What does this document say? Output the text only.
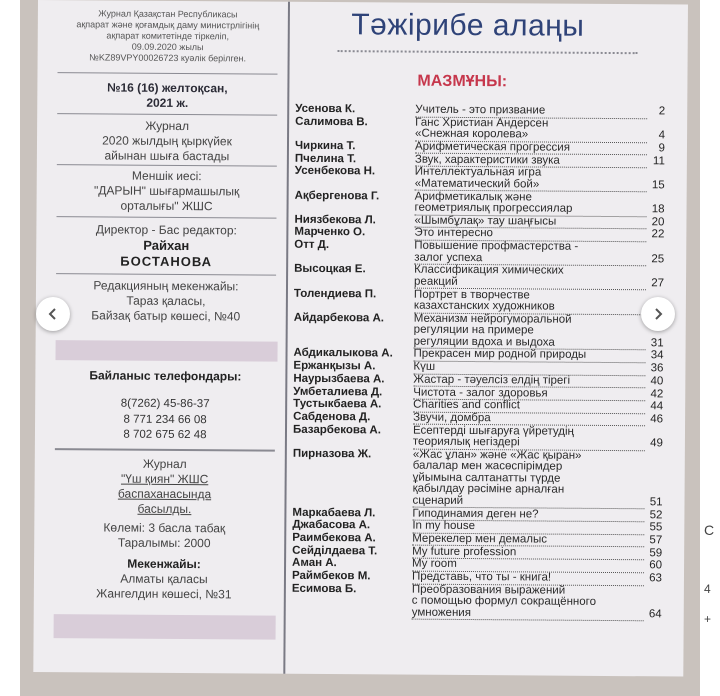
Журнал Қазақстан Республикасы
ақпарат және қоғамдық даму министрлігінің
ақпарат комитетінде тіркеліп,
09.09.2020 жылы
№KZ89VPY00026723 куәлік берілген.
№16 (16) желтоқсан,
2021 ж.
Журнал
2020 жылдың қыркүйек
айынан шыға бастады
Меншік иесі:
"ДАРЫН" шығармашылық
орталығы" ЖШС
Директор - Бас редактор:
Райхан
БОСТАНОВА
Редакцияның мекенжайы:
Тараз қаласы,
Байзақ батыр көшесі, №40
Байланыс телефондары:
8(7262) 45-86-37
8 771 234 66 08
8 702 675 62 48
Журнал
"Үш қиян" ЖШС
баспаханасында
басылды.
Көлемі: 3 басла табақ
Таралымы: 2000
Мекенжайы:
Алматы қаласы
Жангелдин көшесі, №31
Тәжірибе алаңы
МАЗМҰНЫ:
Усенова К.	Учитель - это призвание	2
Салимова В.	Ганс Христиан Андерсен
«Снежная королева»	4
Чиркина Т.	Арифметическая прогрессия	9
Пчелина Т.	Звук, характеристики звука	11
Усенбекова Н.	Интеллектуальная игра
«Математический бой»	15
Ақбергенова Г.	Арифметикалық және
геометриялық прогрессиялар	18
Ниязбекова Л.	«Шымбұлақ» тау шаңғысы	20
Марченко О.	Это интересно	22
Отт Д.	Повышение профмастерства -
залог успеха	25
Высоцкая Е.	Классификация химических
реакций	27
Толендиева П.	Портрет в творчестве
казахстанских художников
Айдарбекова А.	Механизм нейрогуморальной
регуляции на примере
регуляции вдоха и выдоха	31
Абдикалыкова А.	Прекрасен мир родной природы	34
Ержанқызы А.	Күш	36
Наурызбаева А.	Жастар - тәуелсіз елдің тірегі	40
Умбеталиева Д.	Чистота - залог здоровья	42
Тустыкбаева А.	Charities and conflict	44
Сабденова Д.	Звучи, домбра	46
Базарбекова А.	Есептерді шығаруға үйретудің
теориялық негіздері	49
Пирназова Ж.	«Жас ұлан» және «Жас қыран»
балалар мен жасөспірімдер
ұйымына салтанатты түрде
қабылдау рәсіміне арналған
сценарий	51
Маркабаева Л.	Гиподинамия деген не?	52
Джабасова А.	In my house	55
Раимбекова А.	Мерекелер мен демалыс	57
Сейділдаева Т.	My future profession	59
Аман А.	My room	60
Раймбеков М.	Представь, что ты - книга!	63
Есимова Б.	Преобразования выражений
с помощью формул сокращённого
умножения	64
C
4
+
